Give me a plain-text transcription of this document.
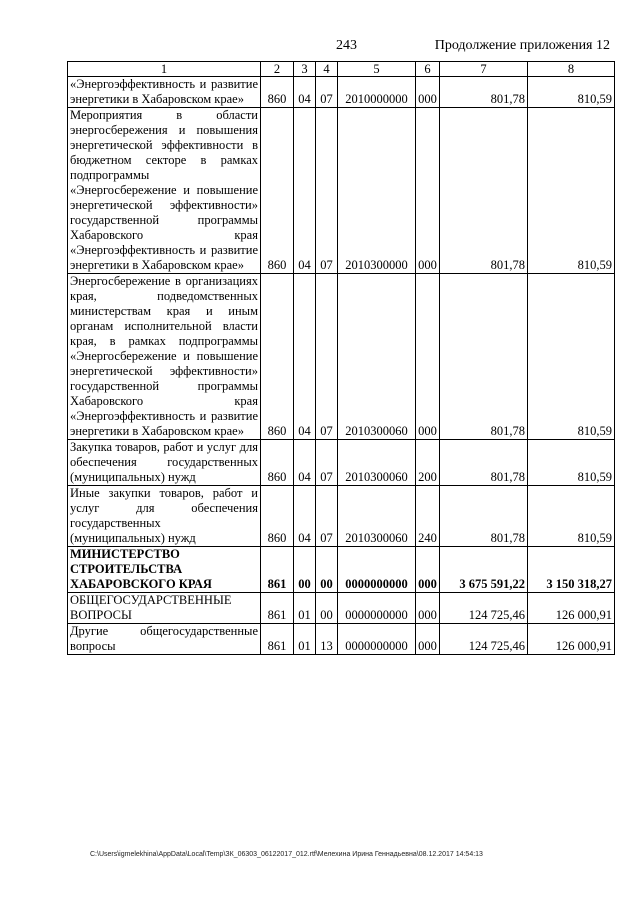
243	Продолжение приложения 12
1	2	3	4	5	6	7	8
«Энергоэффективность и развитие энергетики в Хабаровском крае»	860	04	07	2010000000	000	801,78	810,59
Мероприятия в области энергосбережения и повышения энергетической эффективности в бюджетном секторе в рамках подпрограммы «Энергосбережение и повышение энергетической эффективности» государственной программы Хабаровского края «Энергоэффективность и развитие энергетики в Хабаровском крае»	860	04	07	2010300000	000	801,78	810,59
Энергосбережение в организациях края, подведомственных министерствам края и иным органам исполнительной власти края, в рамках подпрограммы «Энергосбережение и повышение энергетической эффективности» государственной программы Хабаровского края «Энергоэффективность и развитие энергетики в Хабаровском крае»	860	04	07	2010300060	000	801,78	810,59
Закупка товаров, работ и услуг для обеспечения государственных (муниципальных) нужд	860	04	07	2010300060	200	801,78	810,59
Иные закупки товаров, работ и услуг для обеспечения государственных (муниципальных) нужд	860	04	07	2010300060	240	801,78	810,59
МИНИСТЕРСТВО СТРОИТЕЛЬСТВА ХАБАРОВСКОГО КРАЯ	861	00	00	0000000000	000	3 675 591,22	3 150 318,27
ОБЩЕГОСУДАРСТВЕННЫЕ ВОПРОСЫ	861	01	00	0000000000	000	124 725,46	126 000,91
Другие общегосударственные вопросы	861	01	13	0000000000	000	124 725,46	126 000,91
C:\Users\igmelekhina\AppData\Local\Temp\ЗК_06303_06122017_012.rtf\Мелехина Ирина Геннадьевна\08.12.2017 14:54:13
